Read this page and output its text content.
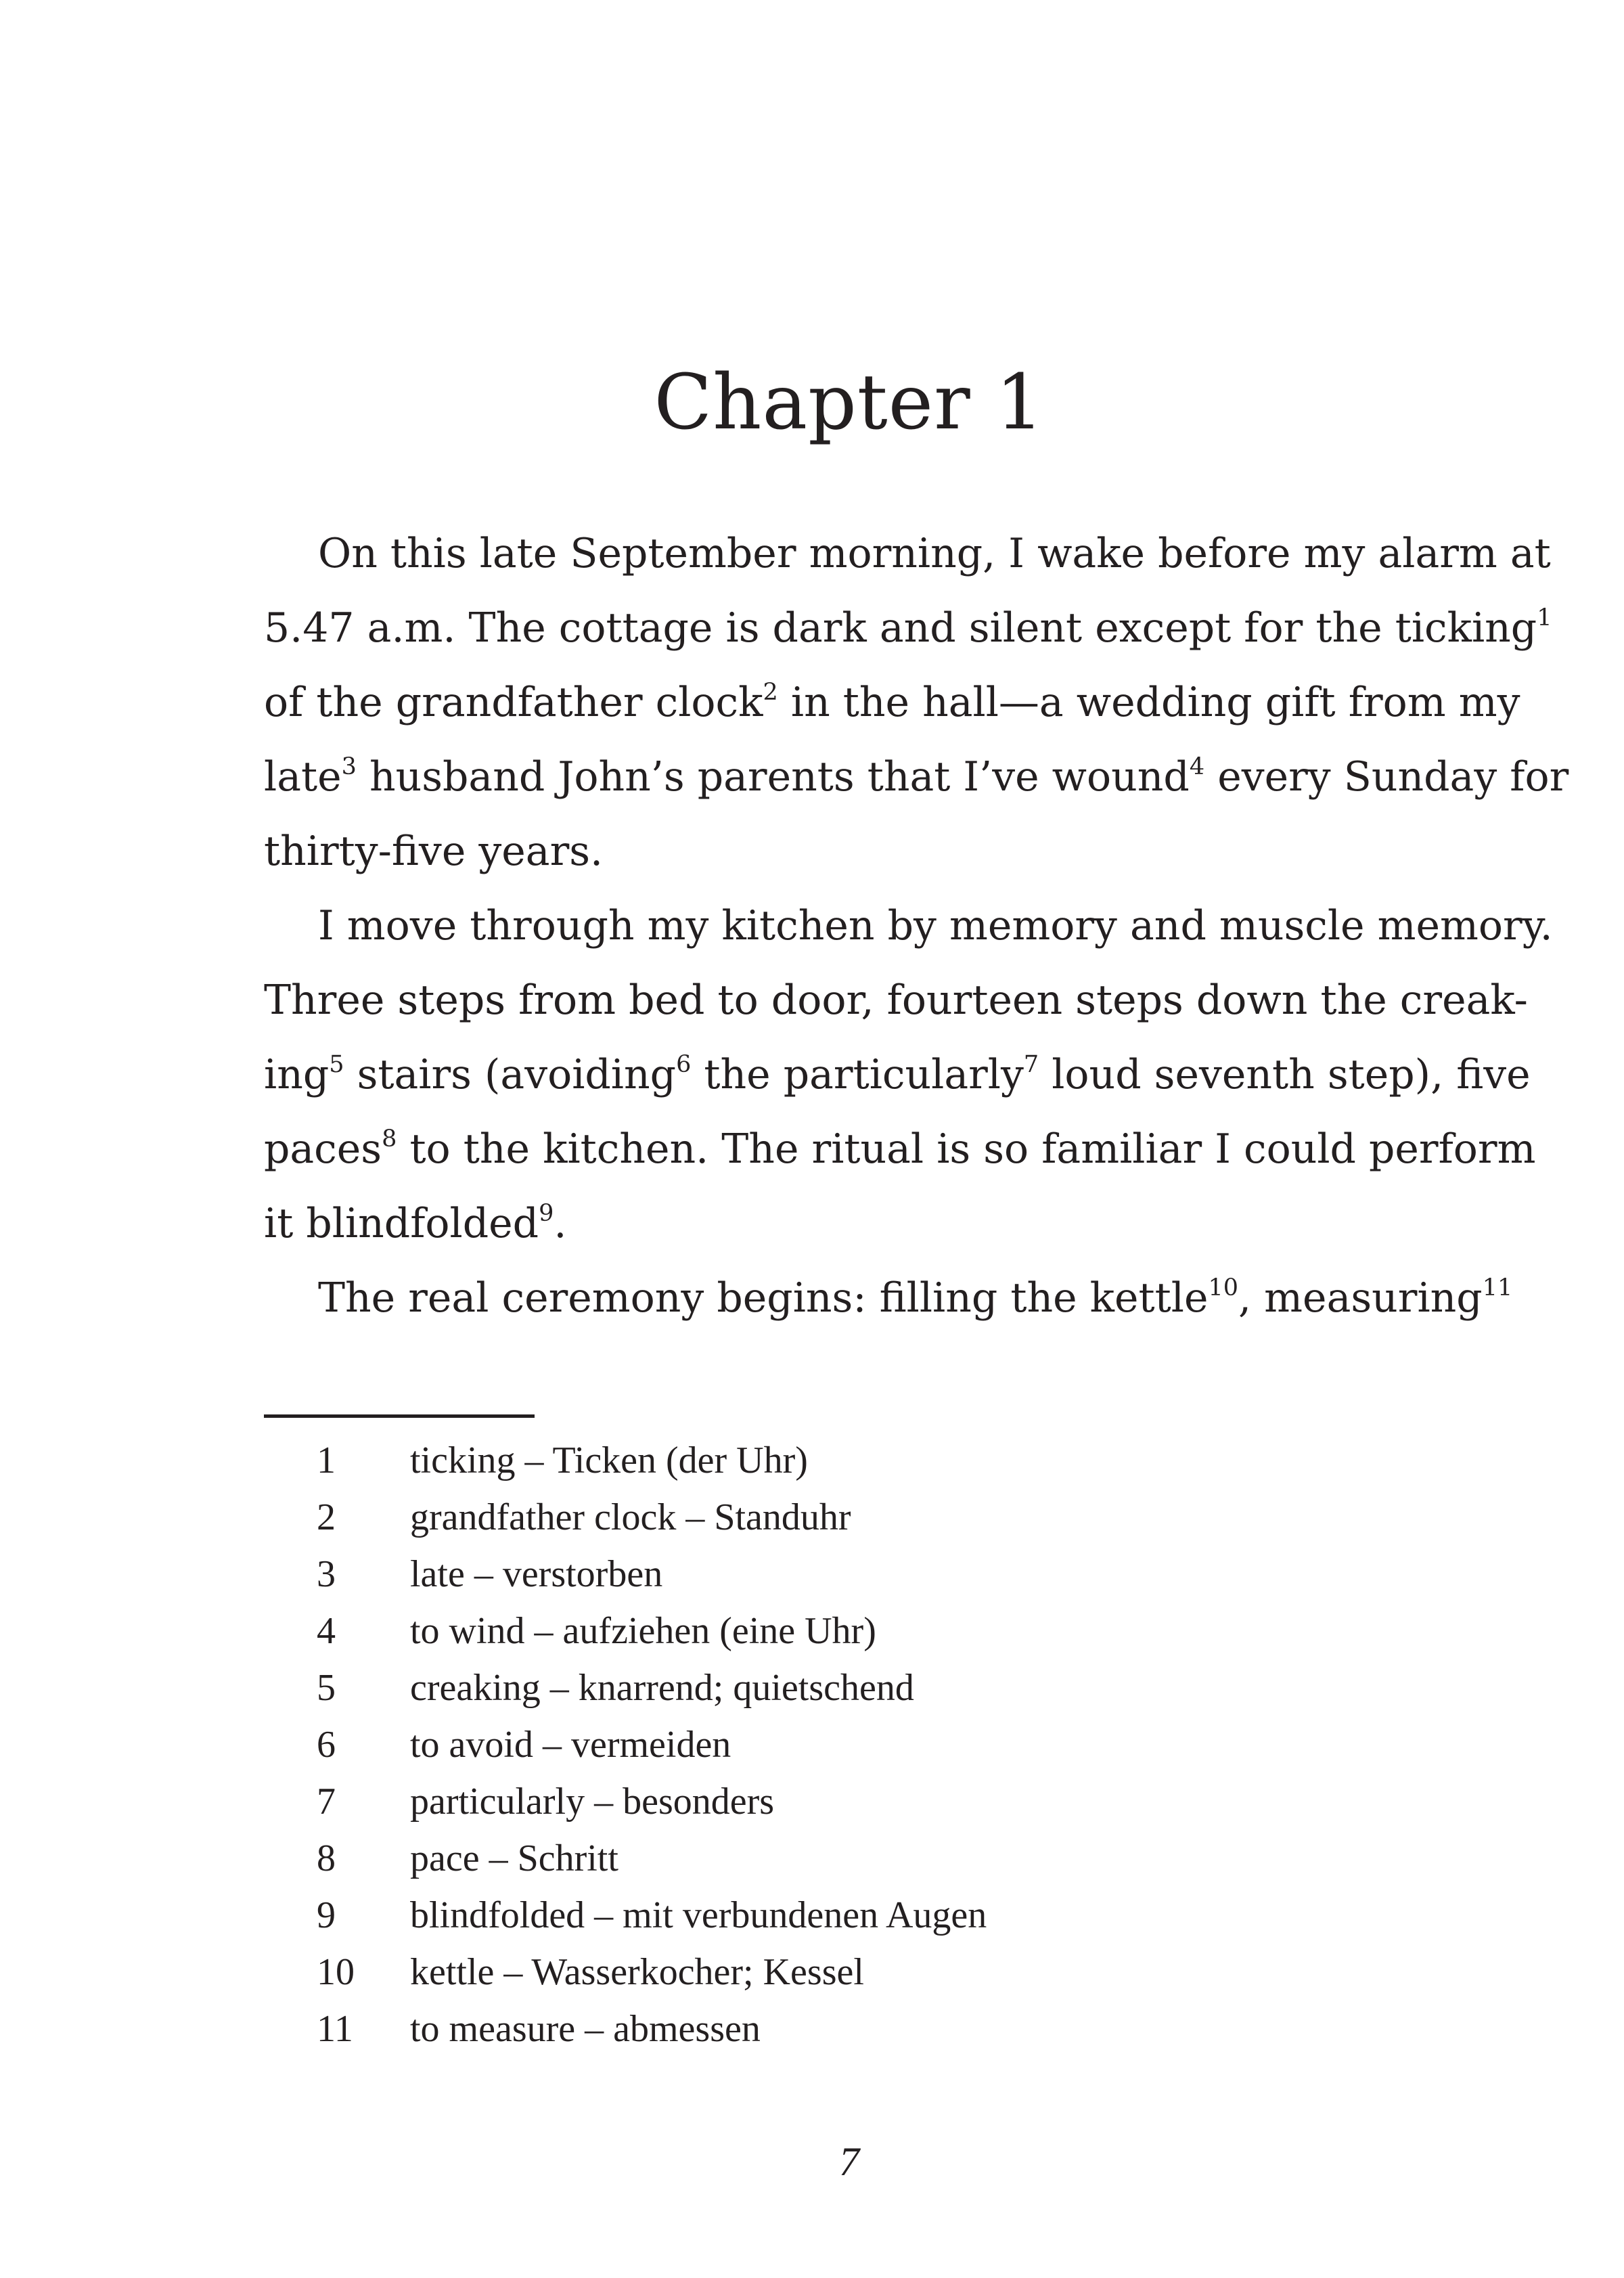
Chapter 1
On this late September morning, I wake before my alarm at
5.47 a.m. The cottage is dark and silent except for the ticking$^1$
of the grandfather clock$^2$ in the hall—a wedding gift from my
late$^3$ husband John’s parents that I’ve wound$^4$ every Sunday for
thirty-five years.
I move through my kitchen by memory and muscle memory.
Three steps from bed to door, fourteen steps down the creak-
ing$^5$ stairs (avoiding$^6$ the particularly$^7$ loud seventh step), five
paces$^8$ to the kitchen. The ritual is so familiar I could perform
it blindfolded$^9$.
The real ceremony begins: filling the kettle$^{10}$, measuring$^{11}$
1	ticking – Ticken (der Uhr)
2	grandfather clock – Standuhr
3	late – verstorben
4	to wind – aufziehen (eine Uhr)
5	creaking – knarrend; quietschend
6	to avoid – vermeiden
7	particularly – besonders
8	pace – Schritt
9	blindfolded – mit verbundenen Augen
10	kettle – Wasserkocher; Kessel
11	to measure – abmessen
7
